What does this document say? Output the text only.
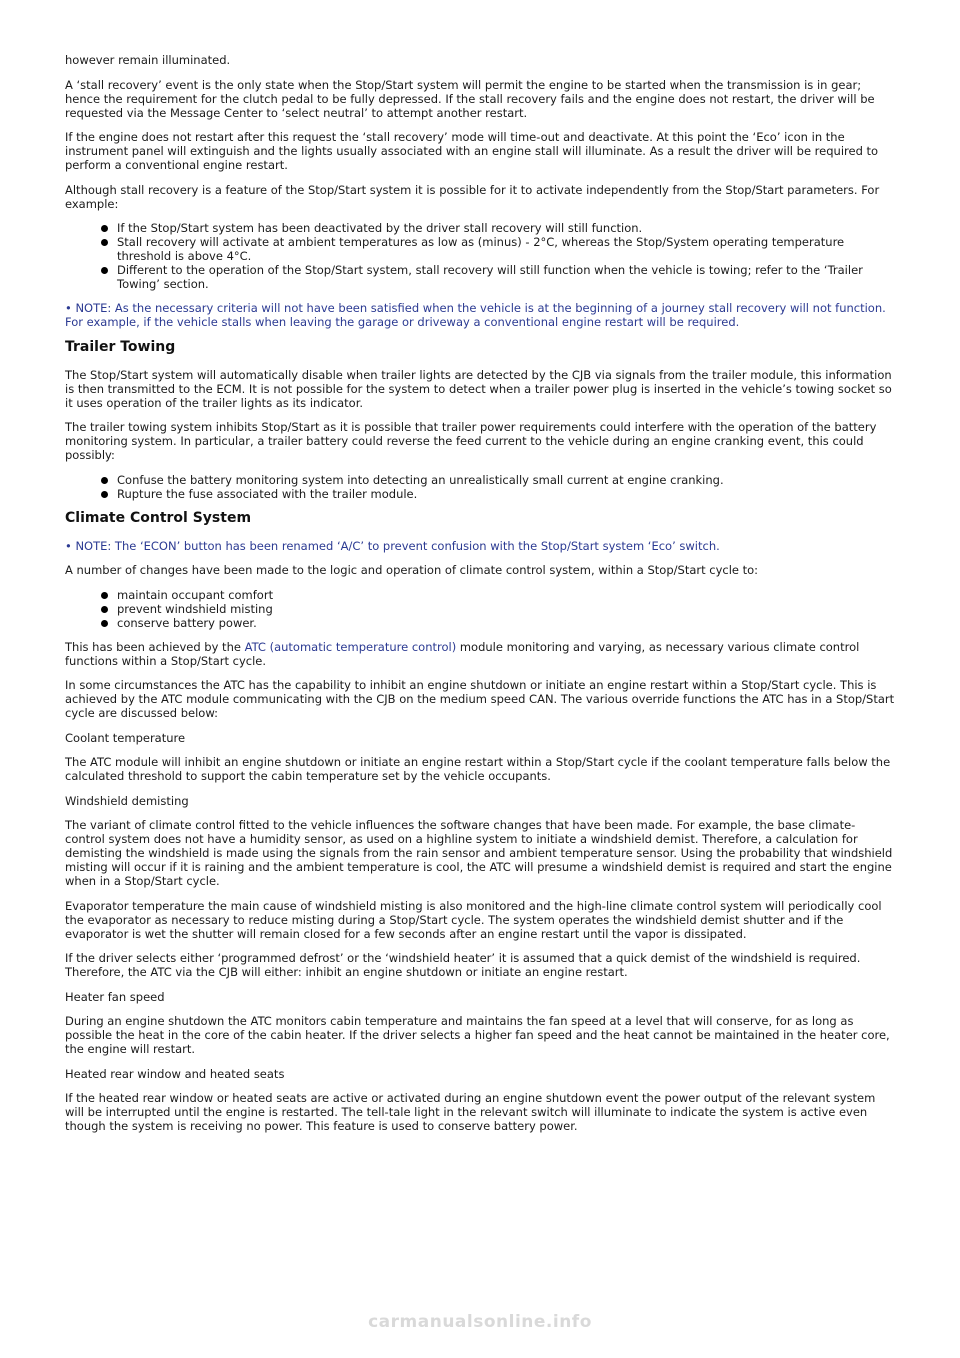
however remain illuminated.

A ‘stall recovery’ event is the only state when the Stop/Start system will permit the engine to be started when the transmission is in gear; hence the requirement for the clutch pedal to be fully depressed. If the stall recovery fails and the engine does not restart, the driver will be requested via the Message Center to ‘select neutral’ to attempt another restart.

If the engine does not restart after this request the ‘stall recovery’ mode will time-out and deactivate. At this point the ‘Eco’ icon in the instrument panel will extinguish and the lights usually associated with an engine stall will illuminate. As a result the driver will be required to perform a conventional engine restart.

Although stall recovery is a feature of the Stop/Start system it is possible for it to activate independently from the Stop/Start parameters. For example:

If the Stop/Start system has been deactivated by the driver stall recovery will still function.
Stall recovery will activate at ambient temperatures as low as (minus) - 2°C, whereas the Stop/System operating temperature threshold is above 4°C.
Different to the operation of the Stop/Start system, stall recovery will still function when the vehicle is towing; refer to the ‘Trailer Towing’ section.

• NOTE: As the necessary criteria will not have been satisfied when the vehicle is at the beginning of a journey stall recovery will not function. For example, if the vehicle stalls when leaving the garage or driveway a conventional engine restart will be required.

Trailer Towing

The Stop/Start system will automatically disable when trailer lights are detected by the CJB via signals from the trailer module, this information is then transmitted to the ECM. It is not possible for the system to detect when a trailer power plug is inserted in the vehicle’s towing socket so it uses operation of the trailer lights as its indicator.

The trailer towing system inhibits Stop/Start as it is possible that trailer power requirements could interfere with the operation of the battery monitoring system. In particular, a trailer battery could reverse the feed current to the vehicle during an engine cranking event, this could possibly:

Confuse the battery monitoring system into detecting an unrealistically small current at engine cranking.
Rupture the fuse associated with the trailer module.
Climate Control System

• NOTE: The ‘ECON’ button has been renamed ‘A/C’ to prevent confusion with the Stop/Start system ‘Eco’ switch.

A number of changes have been made to the logic and operation of climate control system, within a Stop/Start cycle to:

maintain occupant comfort
prevent windshield misting
conserve battery power.

This has been achieved by the ATC (automatic temperature control) module monitoring and varying, as necessary various climate control functions within a Stop/Start cycle.

In some circumstances the ATC has the capability to inhibit an engine shutdown or initiate an engine restart within a Stop/Start cycle. This is achieved by the ATC module communicating with the CJB on the medium speed CAN. The various override functions the ATC has in a Stop/Start cycle are discussed below:

Coolant temperature

The ATC module will inhibit an engine shutdown or initiate an engine restart within a Stop/Start cycle if the coolant temperature falls below the calculated threshold to support the cabin temperature set by the vehicle occupants.

Windshield demisting

The variant of climate control fitted to the vehicle influences the software changes that have been made. For example, the base climate-control system does not have a humidity sensor, as used on a highline system to initiate a windshield demist. Therefore, a calculation for demisting the windshield is made using the signals from the rain sensor and ambient temperature sensor. Using the probability that windshield misting will occur if it is raining and the ambient temperature is cool, the ATC will presume a windshield demist is required and start the engine when in a Stop/Start cycle.

Evaporator temperature the main cause of windshield misting is also monitored and the high-line climate control system will periodically cool the evaporator as necessary to reduce misting during a Stop/Start cycle. The system operates the windshield demist shutter and if the evaporator is wet the shutter will remain closed for a few seconds after an engine restart until the vapor is dissipated.

If the driver selects either ‘programmed defrost’ or the ‘windshield heater’ it is assumed that a quick demist of the windshield is required. Therefore, the ATC via the CJB will either: inhibit an engine shutdown or initiate an engine restart.

Heater fan speed

During an engine shutdown the ATC monitors cabin temperature and maintains the fan speed at a level that will conserve, for as long as possible the heat in the core of the cabin heater. If the driver selects a higher fan speed and the heat cannot be maintained in the heater core, the engine will restart.

Heated rear window and heated seats

If the heated rear window or heated seats are active or activated during an engine shutdown event the power output of the relevant system will be interrupted until the engine is restarted. The tell-tale light in the relevant switch will illuminate to indicate the system is active even though the system is receiving no power. This feature is used to conserve battery power.

carmanualsonline.info
